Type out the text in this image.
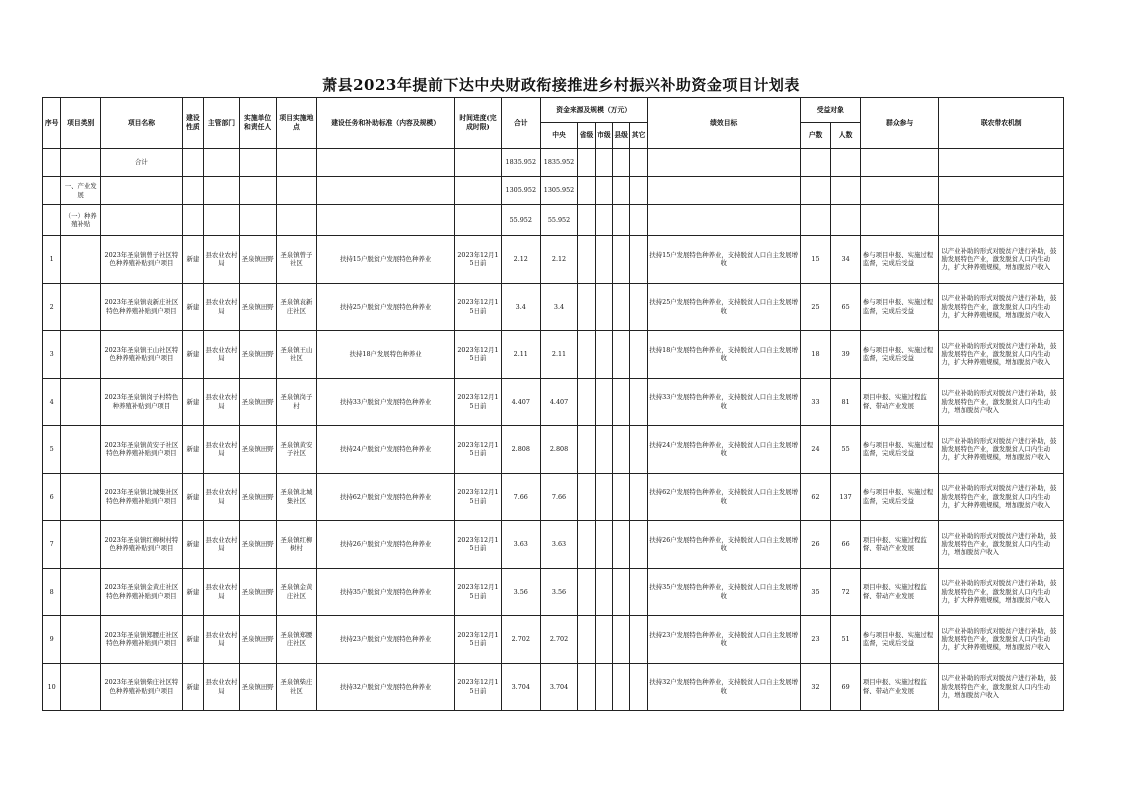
萧县2023年提前下达中央财政衔接推进乡村振兴补助资金项目计划表
序号	项目类别	项目名称	建设性质	主管部门	实施单位和责任人	项目实施地点	建设任务和补助标准（内容及规模）	时间进度(完成时限)	合计	资金来源及规模（万元）					绩效目标	受益对象		群众参与	联农带农机制
										中央	省级	市级	县级	其它		户数	人数		
		合计							1835.952	1835.952									
	一、产业发展								1305.952	1305.952									
	（一）种养殖补贴								55.952	55.952									
1		2023年圣泉镇曾子社区特色种养殖补贴到户项目	新建	县农业农村局	圣泉镇田野	圣泉镇曾子社区	扶持15户脱贫户发展特色种养业	2023年12月15日前	2.12	2.12					扶持15户发展特色种养业，支持脱贫人口自主发展增收	15	34	参与项目申报、实施过程监督，完成后受益	以产业补助的形式对脱贫户进行补助，鼓励发展特色产业，激发脱贫人口内生动力，扩大种养殖规模，增加脱贫户收入
2		2023年圣泉镇袁新庄社区特色种养殖补贴到户项目	新建	县农业农村局	圣泉镇田野	圣泉镇袁新庄社区	扶持25户脱贫户发展特色种养业	2023年12月15日前	3.4	3.4					扶持25户发展特色种养业，支持脱贫人口自主发展增收	25	65	参与项目申报、实施过程监督，完成后受益	以产业补助的形式对脱贫户进行补助，鼓励发展特色产业，激发脱贫人口内生动力，扩大种养殖规模，增加脱贫户收入
3		2023年圣泉镇王山社区特色种养殖补贴到户项目	新建	县农业农村局	圣泉镇田野	圣泉镇王山社区	扶持18户发展特色种养业	2023年12月15日前	2.11	2.11					扶持18户发展特色种养业，支持脱贫人口自主发展增收	18	39	参与项目申报、实施过程监督，完成后受益	以产业补助的形式对脱贫户进行补助，鼓励发展特色产业，激发脱贫人口内生动力，扩大种养殖规模，增加脱贫户收入
4		2023年圣泉镇岗子村特色种养殖补贴到户项目	新建	县农业农村局	圣泉镇田野	圣泉镇岗子村	扶持33户脱贫户发展特色种养业	2023年12月15日前	4.407	4.407					扶持33户发展特色种养业，支持脱贫人口自主发展增收	33	81	项目申报、实施过程监督、带动产业发展	以产业补助的形式对脱贫户进行补助，鼓励发展特色产业，激发脱贫人口内生动力，增加脱贫户收入
5		2023年圣泉镇黄安子社区特色种养殖补贴到户项目	新建	县农业农村局	圣泉镇田野	圣泉镇黄安子社区	扶持24户脱贫户发展特色种养业	2023年12月15日前	2.808	2.808					扶持24户发展特色种养业，支持脱贫人口自主发展增收	24	55	参与项目申报、实施过程监督，完成后受益	以产业补助的形式对脱贫户进行补助，鼓励发展特色产业，激发脱贫人口内生动力，扩大种养殖规模，增加脱贫户收入
6		2023年圣泉镇北城集社区特色种养殖补贴到户项目	新建	县农业农村局	圣泉镇田野	圣泉镇北城集社区	扶持62户脱贫户发展特色种养业	2023年12月15日前	7.66	7.66					扶持62户发展特色种养业，支持脱贫人口自主发展增收	62	137	参与项目申报、实施过程监督，完成后受益	以产业补助的形式对脱贫户进行补助，鼓励发展特色产业，激发脱贫人口内生动力，扩大种养殖规模，增加脱贫户收入
7		2023年圣泉镇红柳树村特色种养殖补贴到户项目	新建	县农业农村局	圣泉镇田野	圣泉镇红柳树村	扶持26户脱贫户发展特色种养业	2023年12月15日前	3.63	3.63					扶持26户发展特色种养业，支持脱贫人口自主发展增收	26	66	项目申报、实施过程监督、带动产业发展	以产业补助的形式对脱贫户进行补助，鼓励发展特色产业，激发脱贫人口内生动力，增加脱贫户收入
8		2023年圣泉镇金黄庄社区特色种养殖补贴到户项目	新建	县农业农村局	圣泉镇田野	圣泉镇金黄庄社区	扶持35户脱贫户发展特色种养业	2023年12月15日前	3.56	3.56					扶持35户发展特色种养业，支持脱贫人口自主发展增收	35	72	项目申报、实施过程监督、带动产业发展	以产业补助的形式对脱贫户进行补助，鼓励发展特色产业，激发脱贫人口内生动力，扩大种养殖规模，增加脱贫户收入
9		2023年圣泉镇郑腰庄社区特色种养殖补贴到户项目	新建	县农业农村局	圣泉镇田野	圣泉镇郑腰庄社区	扶持23户脱贫户发展特色种养业	2023年12月15日前	2.702	2.702					扶持23户发展特色种养业，支持脱贫人口自主发展增收	23	51	参与项目申报、实施过程监督，完成后受益	以产业补助的形式对脱贫户进行补助，鼓励发展特色产业，激发脱贫人口内生动力，扩大种养殖规模，增加脱贫户收入
10		2023年圣泉镇柴庄社区特色种养殖补贴到户项目	新建	县农业农村局	圣泉镇田野	圣泉镇柴庄社区	扶持32户脱贫户发展特色种养业	2023年12月15日前	3.704	3.704					扶持32户发展特色种养业，支持脱贫人口自主发展增收	32	69	项目申报、实施过程监督、带动产业发展	以产业补助的形式对脱贫户进行补助，鼓励发展特色产业，激发脱贫人口内生动力，增加脱贫户收入
